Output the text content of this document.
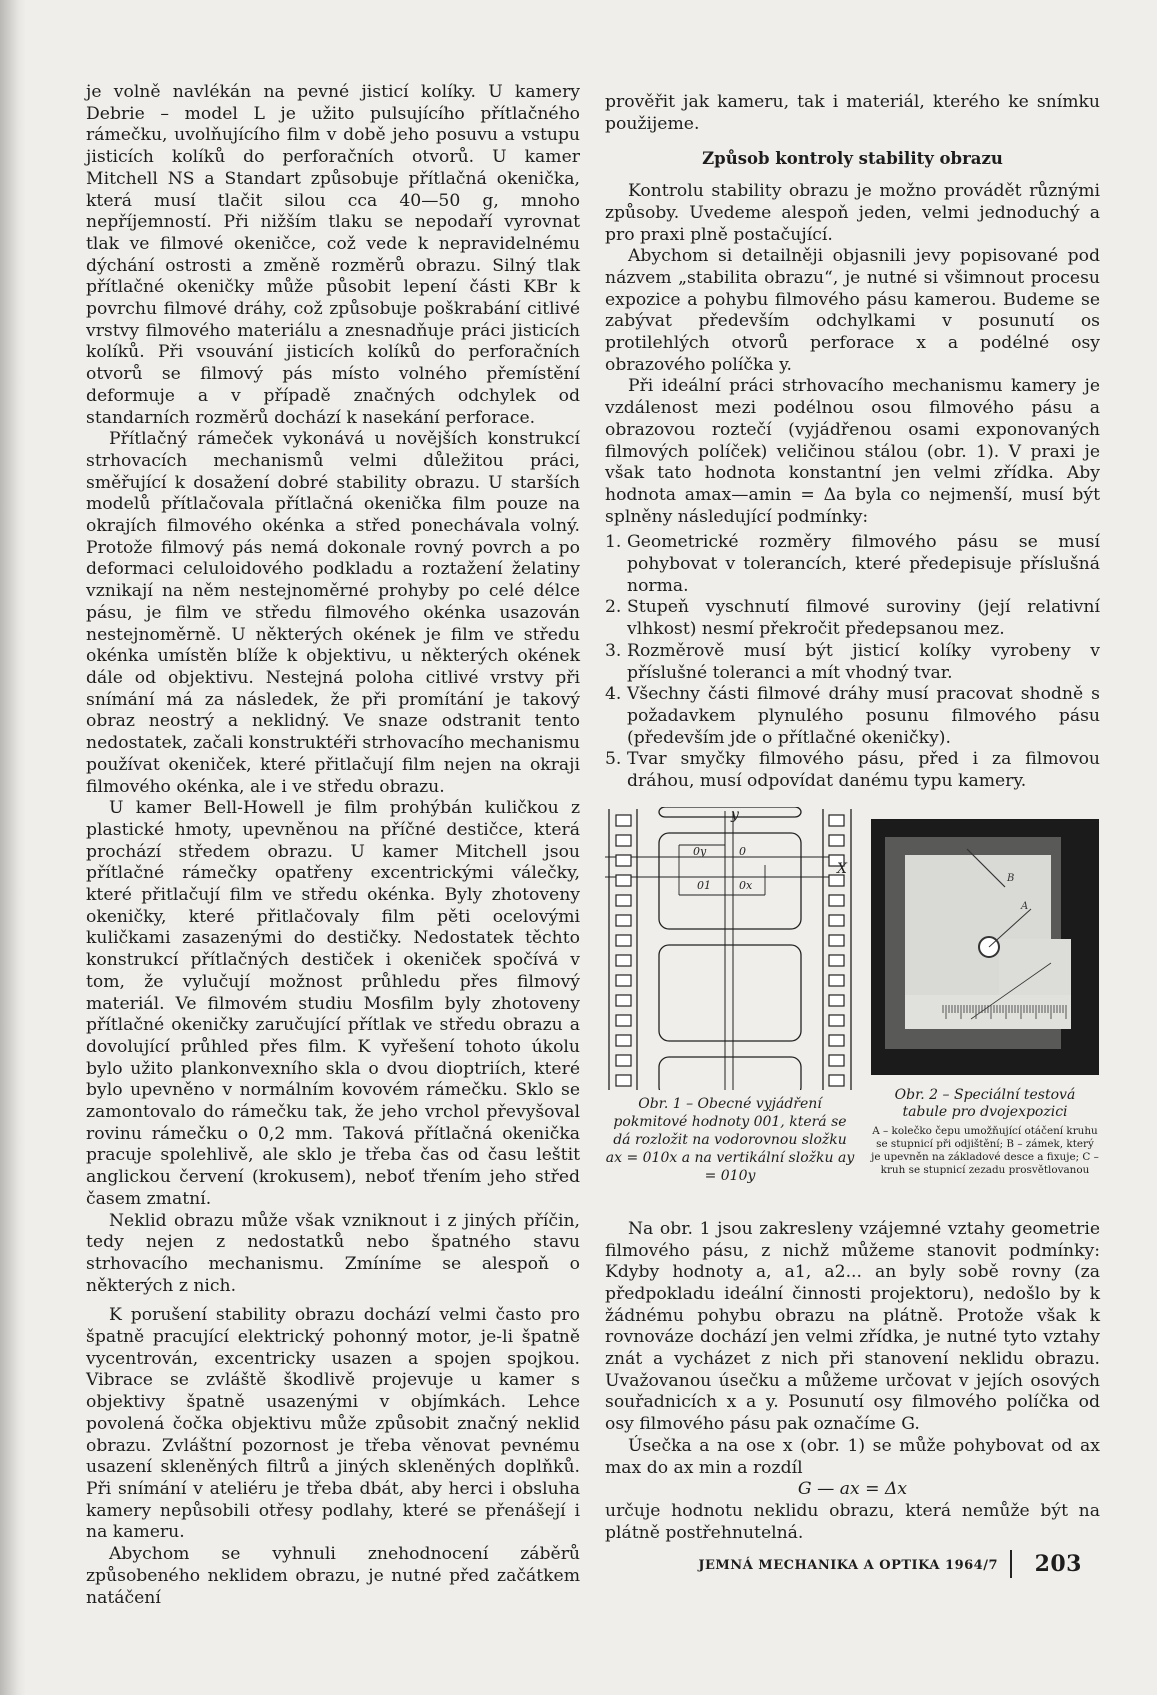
je volně navlékán na pevné jisticí kolíky. U kamery Debrie – model L je užito pulsujícího přítlačného rámečku, uvolňujícího film v době jeho posuvu a vstupu jisticích kolíků do perforačních otvorů. U kamer Mitchell NS a Standart způsobuje přítlačná okenička, která musí tlačit silou cca 40—50 g, mnoho nepříjemností. Při nižším tlaku se nepodaří vyrovnat tlak ve filmové okeničce, což vede k nepravidelnému dýchání ostrosti a změně rozměrů obrazu. Silný tlak přítlačné okeničky může působit lepení části KBr k povrchu filmové dráhy, což způsobuje poškrabání citlivé vrstvy filmového materiálu a znesnadňuje práci jisticích kolíků. Při vsouvání jisticích kolíků do perforačních otvorů se filmový pás místo volného přemístění deformuje a v případě značných odchylek od standarních rozměrů dochází k nasekání perforace.

Přítlačný rámeček vykonává u novějších konstrukcí strhovacích mechanismů velmi důležitou práci, směřující k dosažení dobré stability obrazu. U starších modelů přítlačovala přítlačná okenička film pouze na okrajích filmového okénka a střed ponechávala volný. Protože filmový pás nemá dokonale rovný povrch a po deformaci celuloidového podkladu a roztažení želatiny vznikají na něm nestejnoměrné prohyby po celé délce pásu, je film ve středu filmového okénka usazován nestejnoměrně. U některých okének je film ve středu okénka umístěn blíže k objektivu, u některých okének dále od objektivu. Nestejná poloha citlivé vrstvy při snímání má za následek, že při promítání je takový obraz neostrý a neklidný. Ve snaze odstranit tento nedostatek, začali konstruktéři strhovacího mechanismu používat okeniček, které přitlačují film nejen na okraji filmového okénka, ale i ve středu obrazu.

U kamer Bell-Howell je film prohýbán kuličkou z plastické hmoty, upevněnou na příčné destičce, která prochází středem obrazu. U kamer Mitchell jsou přítlačné rámečky opatřeny excentrickými válečky, které přitlačují film ve středu okénka. Byly zhotoveny okeničky, které přitlačovaly film pěti ocelovými kuličkami zasazenými do destičky. Nedostatek těchto konstrukcí přítlačných destiček i okeniček spočívá v tom, že vylučují možnost průhledu přes filmový materiál. Ve filmovém studiu Mosfilm byly zhotoveny přítlačné okeničky zaručující přítlak ve středu obrazu a dovolující průhled přes film. K vyřešení tohoto úkolu bylo užito plankonvexního skla o dvou dioptriích, které bylo upevněno v normálním kovovém rámečku. Sklo se zamontovalo do rámečku tak, že jeho vrchol převyšoval rovinu rámečku o 0,2 mm. Taková přítlačná okenička pracuje spolehlivě, ale sklo je třeba čas od času leštit anglickou červení (krokusem), neboť třením jeho střed časem zmatní.

Neklid obrazu může však vzniknout i z jiných příčin, tedy nejen z nedostatků nebo špatného stavu strhovacího mechanismu. Zmíníme se alespoň o některých z nich.

K porušení stability obrazu dochází velmi často pro špatně pracující elektrický pohonný motor, je-li špatně vycentrován, excentricky usazen a spojen spojkou. Vibrace se zvláště škodlivě projevuje u kamer s objektivy špatně usazenými v objímkách. Lehce povolená čočka objektivu může způsobit značný neklid obrazu. Zvláštní pozornost je třeba věnovat pevnému usazení skleněných filtrů a jiných skleněných doplňků. Při snímání v ateliéru je třeba dbát, aby herci i obsluha kamery nepůsobili otřesy podlahy, které se přenášejí i na kameru.

Abychom se vyhnuli znehodnocení záběrů způsobeného neklidem obrazu, je nutné před začátkem natáčení

prověřit jak kameru, tak i materiál, kterého ke snímku použijeme.

Způsob kontroly stability obrazu

Kontrolu stability obrazu je možno provádět různými způsoby. Uvedeme alespoň jeden, velmi jednoduchý a pro praxi plně postačující.

Abychom si detailněji objasnili jevy popisované pod názvem „stabilita obrazu“, je nutné si všimnout procesu expozice a pohybu filmového pásu kamerou. Budeme se zabývat především odchylkami v posunutí os protilehlých otvorů perforace x a podélné osy obrazového políčka y.

Při ideální práci strhovacího mechanismu kamery je vzdálenost mezi podélnou osou filmového pásu a obrazovou roztečí (vyjádřenou osami exponovaných filmových políček) veličinou stálou (obr. 1). V praxi je však tato hodnota konstantní jen velmi zřídka. Aby hodnota amax—amin = Δa byla co nejmenší, musí být splněny následující podmínky:

1. Geometrické rozměry filmového pásu se musí pohybovat v tolerancích, které předepisuje příslušná norma.
2. Stupeň vyschnutí filmové suroviny (její relativní vlhkost) nesmí překročit předepsanou mez.
3. Rozměrově musí být jisticí kolíky vyrobeny v příslušné toleranci a mít vhodný tvar.
4. Všechny části filmové dráhy musí pracovat shodně s požadavkem plynulého posunu filmového pásu (především jde o přítlačné okeničky).
5. Tvar smyčky filmového pásu, před i za filmovou dráhou, musí odpovídat danému typu kamery.
y
X
0y	0
01	0x
B
A
Obr. 1 – Obecné vyjádření pokmitové hodnoty 001, která se dá rozložit na vodorovnou složku ax = 010x a na vertikální složku ay = 010y
Obr. 2 – Speciální testová tabule pro dvojexpozici
A – kolečko čepu umožňující otáčení kruhu se stupnicí při odjištění; B – zámek, který je upevněn na základové desce a fixuje; C – kruh se stupnicí zezadu prosvětlovanou

Na obr. 1 jsou zakresleny vzájemné vztahy geometrie filmového pásu, z nichž můžeme stanovit podmínky: Kdyby hodnoty a, a1, a2... an byly sobě rovny (za předpokladu ideální činnosti projektoru), nedošlo by k žádnému pohybu obrazu na plátně. Protože však k rovnováze dochází jen velmi zřídka, je nutné tyto vztahy znát a vycházet z nich při stanovení neklidu obrazu. Uvažovanou úsečku a můžeme určovat v jejích osových souřadnicích x a y. Posunutí osy filmového políčka od osy filmového pásu pak označíme G.

Úsečka a na ose x (obr. 1) se může pohybovat od ax max do ax min a rozdíl

G — ax = Δx

určuje hodnotu neklidu obrazu, která nemůže být na plátně postřehnutelná.

JEMNÁ MECHANIKA A OPTIKA 1964/7 203
